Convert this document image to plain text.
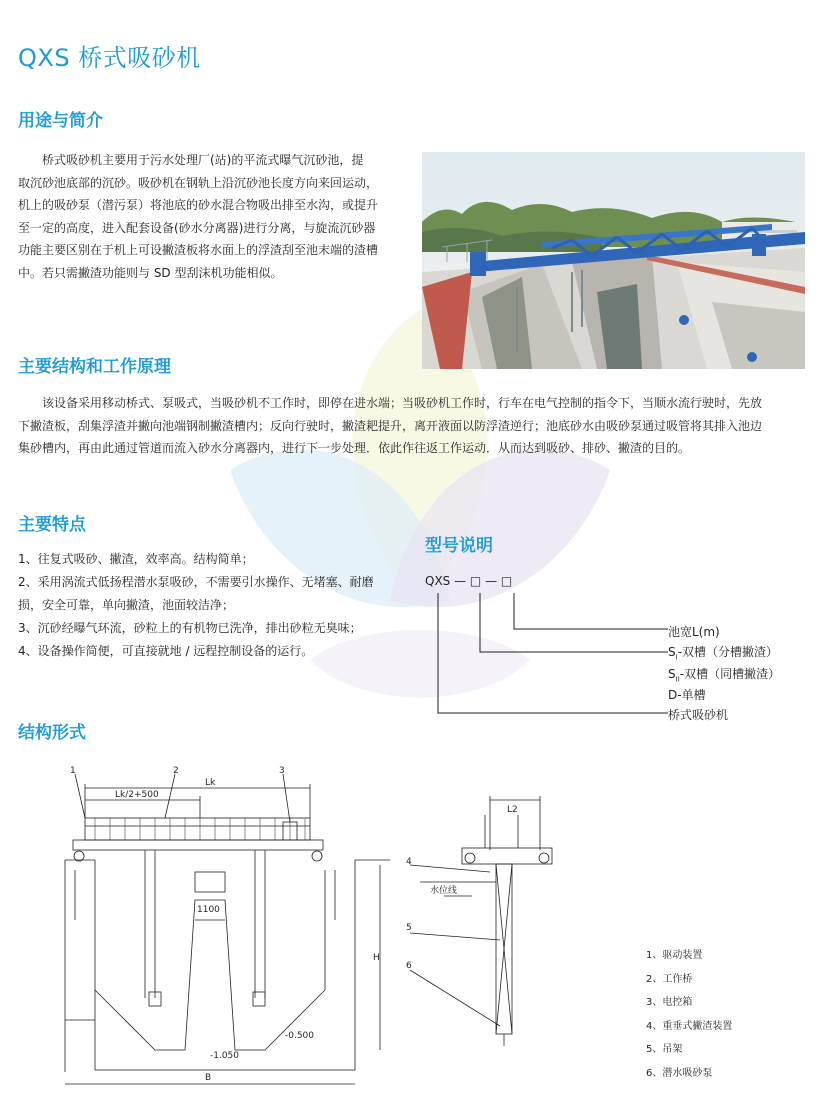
QXS 桥式吸砂机
用途与简介

桥式吸砂机主要用于污水处理厂(站)的平流式曝气沉砂池，提

取沉砂池底部的沉砂。吸砂机在钢轨上沿沉砂池长度方向来回运动，

机上的吸砂泵（潜污泵）将池底的砂水混合物吸出排至水沟，或提升

至一定的高度，进入配套设备(砂水分离器)进行分离，与旋流沉砂器

功能主要区别在于机上可设撇渣板将水面上的浮渣刮至池末端的渣槽

中。若只需撇渣功能则与 SD 型刮沫机功能相似。

主要结构和工作原理

该设备采用移动桥式、泵吸式，当吸砂机不工作时，即停在进水端；当吸砂机工作时，行车在电气控制的指令下，当顺水流行驶时，先放

下撇渣板，刮集浮渣并撇向池端钢制撇渣槽内；反向行驶时，撇渣耙提升，离开液面以防浮渣逆行；池底砂水由吸砂泵通过吸管将其排入池边

集砂槽内，再由此通过管道而流入砂水分离器内，进行下一步处理．依此作往返工作运动．从而达到吸砂、排砂、撇渣的目的。

主要特点

1、往复式吸砂、撇渣，效率高。结构简单；

2、采用涡流式低扬程潜水泵吸砂，不需要引水操作、无堵塞、耐磨

损，安全可靠，单向撇渣，池面较洁净；

3、沉砂经曝气环流，砂粒上的有机物已洗净，排出砂粒无臭味；

4、设备操作简便，可直接就地 / 远程控制设备的运行。

型号说明
QXS — □ — □
池宽L(m)
$S_I-$双槽（分槽撇渣）
$S_{II}-$双槽（同槽撇渣）
D-单槽
桥式吸砂机
结构形式
1	2	3
Lk
Lk/2+500
1100
H
-0.500
-1.050
B
L2
4
水位线
5
6

1、驱动装置

2、工作桥

3、电控箱

4、重垂式撇渣装置

5、吊架

6、潜水吸砂泵
